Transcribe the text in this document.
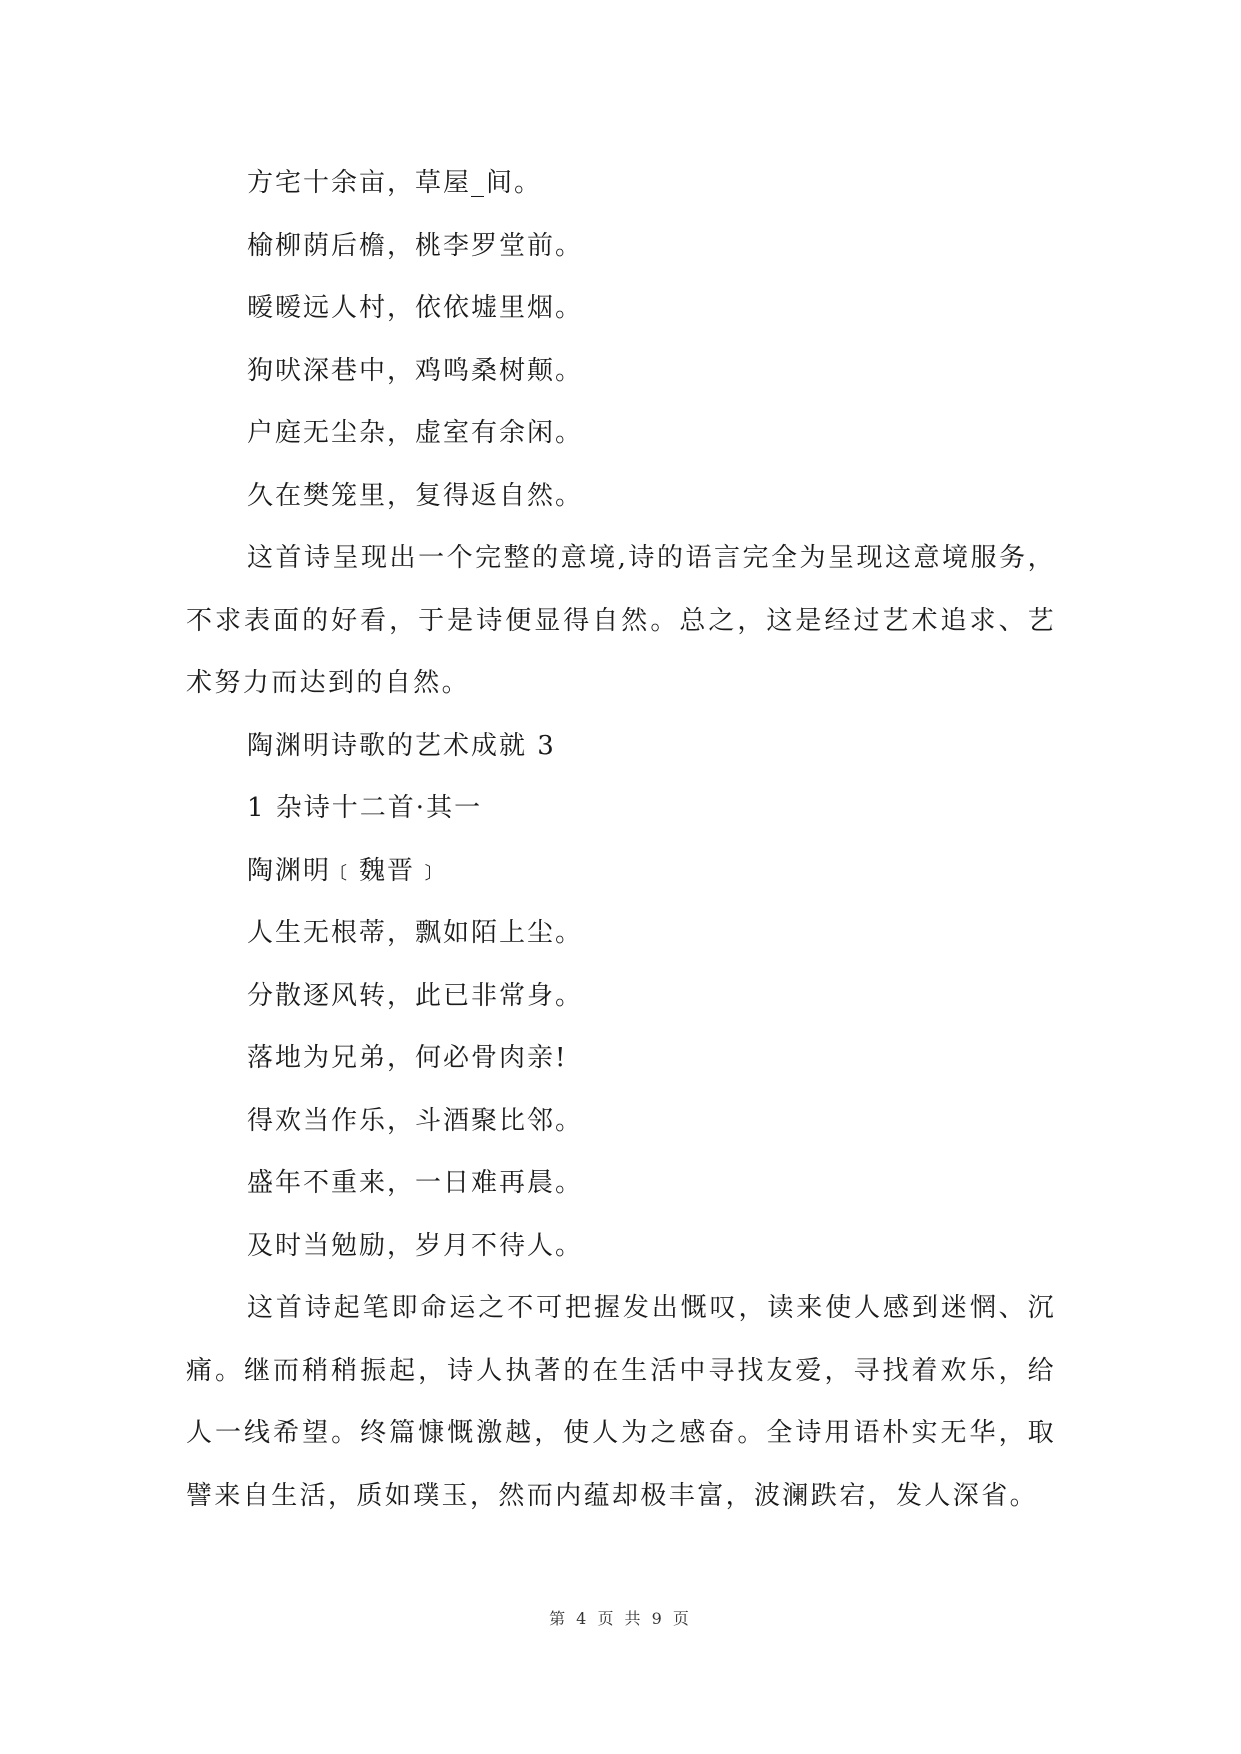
方宅十余亩，草屋_间。
榆柳荫后檐，桃李罗堂前。
暧暧远人村，依依墟里烟。
狗吠深巷中，鸡鸣桑树颠。
户庭无尘杂，虚室有余闲。
久在樊笼里，复得返自然。

这首诗呈现出一个完整的意境,诗的语言完全为呈现这意境服务，不求表面的好看，于是诗便显得自然。总之，这是经过艺术追求、艺术努力而达到的自然。

陶渊明诗歌的艺术成就 3
1 杂诗十二首·其一
陶渊明﹝魏晋﹞
人生无根蒂，飘如陌上尘。
分散逐风转，此已非常身。
落地为兄弟，何必骨肉亲!
得欢当作乐，斗酒聚比邻。
盛年不重来，一日难再晨。
及时当勉励，岁月不待人。

这首诗起笔即命运之不可把握发出慨叹，读来使人感到迷惘、沉痛。继而稍稍振起，诗人执著的在生活中寻找友爱，寻找着欢乐，给人一线希望。终篇慷慨激越，使人为之感奋。全诗用语朴实无华，取譬来自生活，质如璞玉，然而内蕴却极丰富，波澜跌宕，发人深省。

第 4 页 共 9 页
